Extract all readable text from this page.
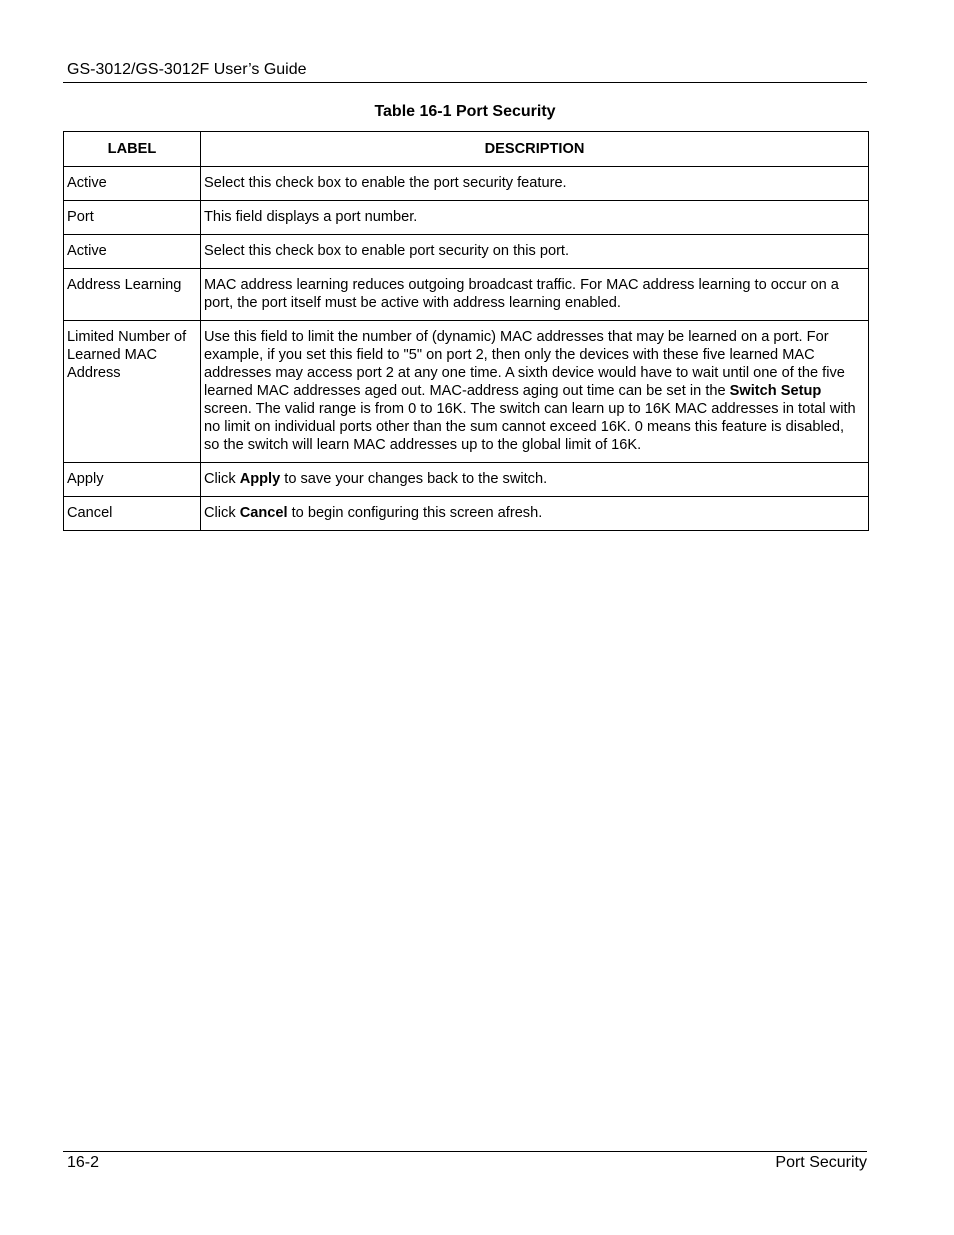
GS-3012/GS-3012F User’s Guide
Table 16-1 Port Security
LABEL	DESCRIPTION
Active	Select this check box to enable the port security feature.
Port	This field displays a port number.
Active	Select this check box to enable port security on this port.
Address Learning	MAC address learning reduces outgoing broadcast traffic. For MAC address learning to occur on a port, the port itself must be active with address learning enabled.
Limited Number of Learned MAC Address	Use this field to limit the number of (dynamic) MAC addresses that may be learned on a port. For example, if you set this field to "5" on port 2, then only the devices with these five learned MAC addresses may access port 2 at any one time. A sixth device would have to wait until one of the five learned MAC addresses aged out. MAC-address aging out time can be set in the Switch Setup screen. The valid range is from 0 to 16K. The switch can learn up to 16K MAC addresses in total with no limit on individual ports other than the sum cannot exceed 16K. 0 means this feature is disabled, so the switch will learn MAC addresses up to the global limit of 16K.
Apply	Click Apply to save your changes back to the switch.
Cancel	Click Cancel to begin configuring this screen afresh.
16-2	Port Security
